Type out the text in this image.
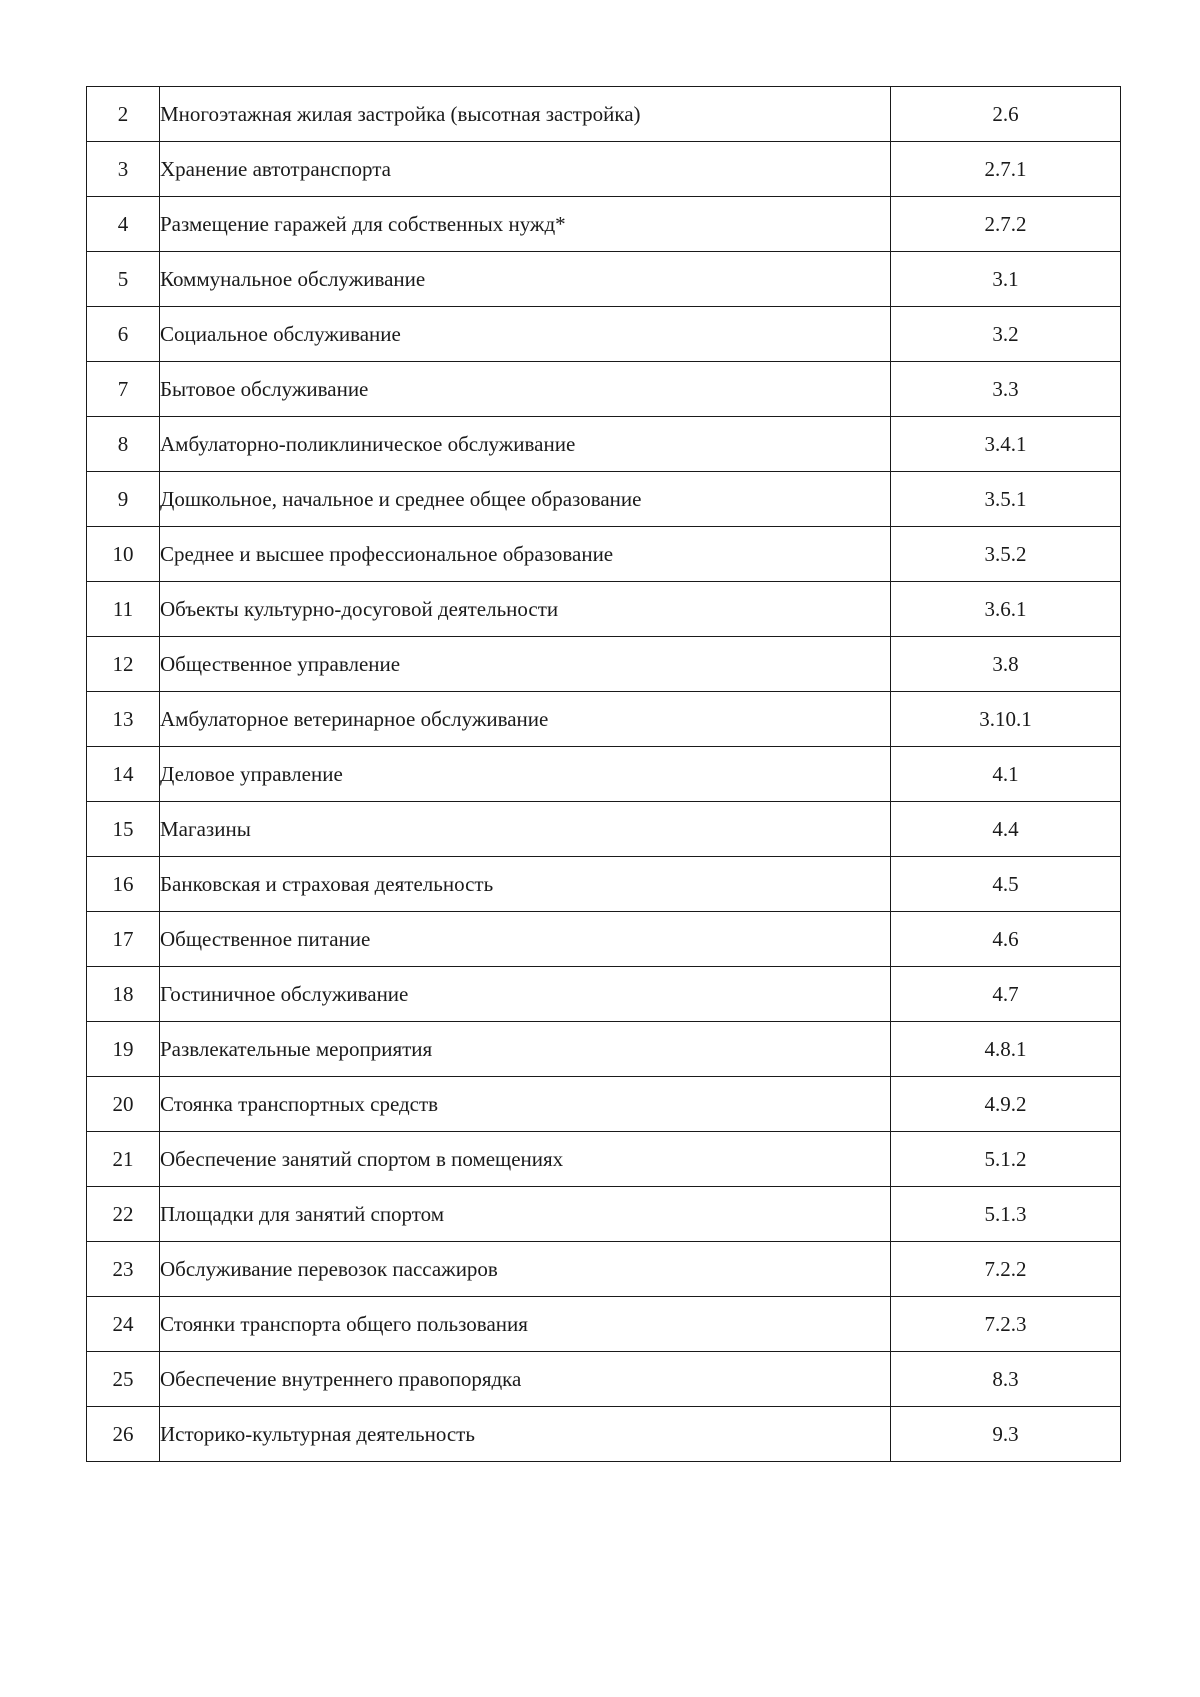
2	Многоэтажная жилая застройка (высотная застройка)	2.6
3	Хранение автотранспорта	2.7.1
4	Размещение гаражей для собственных нужд*	2.7.2
5	Коммунальное обслуживание	3.1
6	Социальное обслуживание	3.2
7	Бытовое обслуживание	3.3
8	Амбулаторно-поликлиническое обслуживание	3.4.1
9	Дошкольное, начальное и среднее общее образование	3.5.1
10	Среднее и высшее профессиональное образование	3.5.2
11	Объекты культурно-досуговой деятельности	3.6.1
12	Общественное управление	3.8
13	Амбулаторное ветеринарное обслуживание	3.10.1
14	Деловое управление	4.1
15	Магазины	4.4
16	Банковская и страховая деятельность	4.5
17	Общественное питание	4.6
18	Гостиничное обслуживание	4.7
19	Развлекательные мероприятия	4.8.1
20	Стоянка транспортных средств	4.9.2
21	Обеспечение занятий спортом в помещениях	5.1.2
22	Площадки для занятий спортом	5.1.3
23	Обслуживание перевозок пассажиров	7.2.2
24	Стоянки транспорта общего пользования	7.2.3
25	Обеспечение внутреннего правопорядка	8.3
26	Историко-культурная деятельность	9.3
